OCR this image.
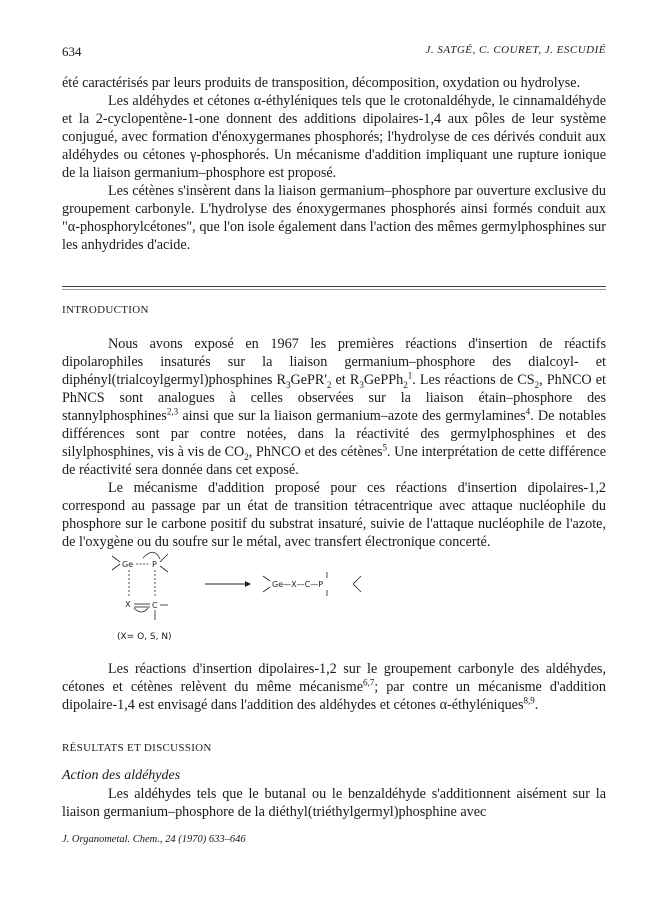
634	J. SATGÉ, C. COURET, J. ESCUDIÉ

été caractérisés par leurs produits de transposition, décomposition, oxydation ou hydrolyse.

Les aldéhydes et cétones α-éthyléniques tels que le crotonaldéhyde, le cinnamaldéhyde et la 2-cyclopentène-1-one donnent des additions dipolaires-1,4 aux pôles de leur système conjugué, avec formation d'énoxygermanes phosphorés; l'hydrolyse de ces dérivés conduit aux aldéhydes ou cétones γ-phosphorés. Un mécanisme d'addition impliquant une rupture ionique de la liaison germanium–phosphore est proposé.

Les cétènes s'insèrent dans la liaison germanium–phosphore par ouverture exclusive du groupement carbonyle. L'hydrolyse des énoxygermanes phosphorés ainsi formés conduit aux "α-phosphorylcétones", que l'on isole également dans l'action des mêmes germylphosphines sur les anhydrides d'acide.

INTRODUCTION

Nous avons exposé en 1967 les premières réactions d'insertion de réactifs dipolarophiles insaturés sur la liaison germanium–phosphore des dialcoyl- et diphényl(trialcoylgermyl)phosphines $R_3GePR'_2$ et $R_3GePPh_2^1$. Les réactions de $CS_2$, PhNCO et PhNCS sont analogues à celles observées sur la liaison étain–phosphore des stannylphosphines$^{2,3}$ ainsi que sur la liaison germanium–azote des germylamines$^4$. De notables différences sont par contre notées, dans la réactivité des germylphosphines et des silylphosphines, vis à vis de $CO_2$, PhNCO et des cétènes$^5$. Une interprétation de cette différence de réactivité sera donnée dans cet exposé.

Le mécanisme d'addition proposé pour ces réactions d'insertion dipolaires-1,2 correspond au passage par un état de transition tétracentrique avec attaque nucléophile du phosphore sur le carbone positif du substrat insaturé, suivie de l'attaque nucléophile de l'azote, de l'oxygène ou du soufre sur le métal, avec transfert électronique concerté.

Ge P
X	C
Ge—X—C—P
(X= O, S, N)

Les réactions d'insertion dipolaires-1,2 sur le groupement carbonyle des aldéhydes, cétones et cétènes relèvent du même mécanisme$^{6,7}$; par contre un mécanisme d'addition dipolaire-1,4 est envisagé dans l'addition des aldéhydes et cétones α-éthyléniques$^{8,9}$.

RÉSULTATS ET DISCUSSION
Action des aldéhydes

Les aldéhydes tels que le butanal ou le benzaldéhyde s'additionnent aisément sur la liaison germanium–phosphore de la diéthyl(triéthylgermyl)phosphine avec

J. Organometal. Chem., 24 (1970) 633–646
